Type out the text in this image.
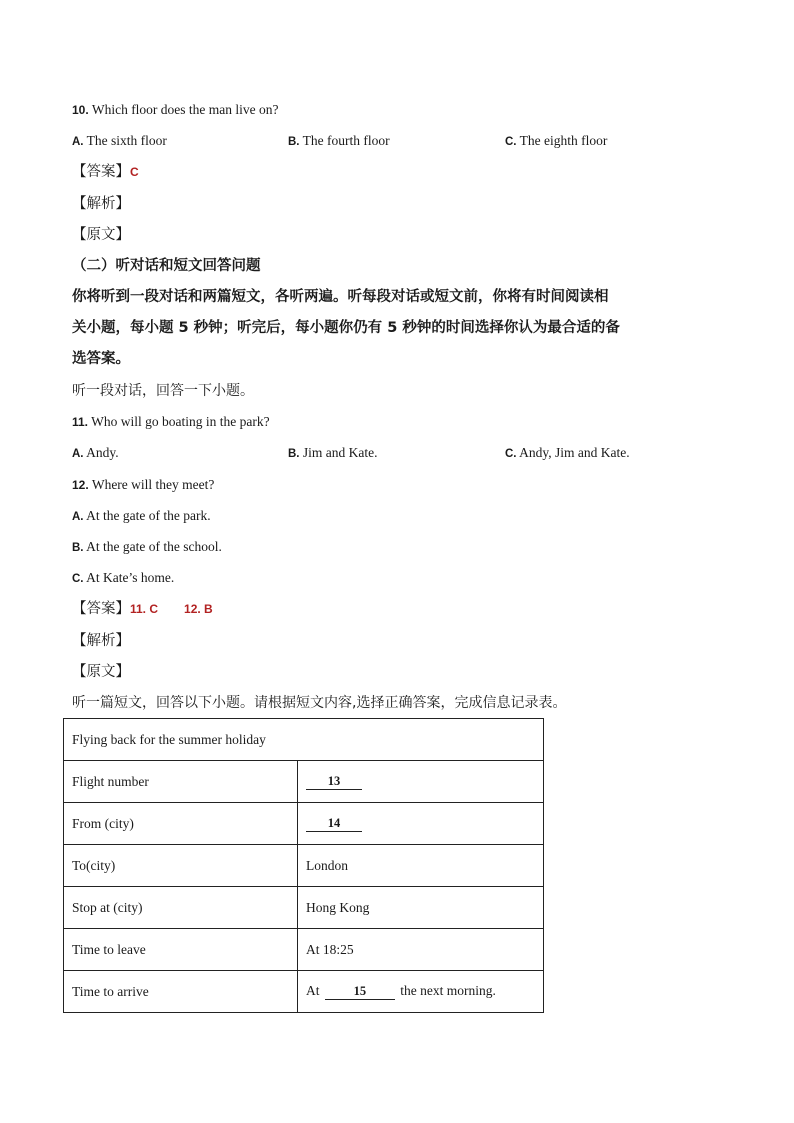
10. Which floor does the man live on?
A. The sixth floor	B. The fourth floor	C. The eighth floor
【答案】C
【解析】
【原文】
（二）听对话和短文回答问题
你将听到一段对话和两篇短文，各听两遍。听每段对话或短文前，你将有时间阅读相
关小题，每小题 5 秒钟；听完后，每小题你仍有 5 秒钟的时间选择你认为最合适的备
选答案。
听一段对话，回答一下小题。
11. Who will go boating in the park?
A. Andy.	B. Jim and Kate.	C. Andy, Jim and Kate.
12. Where will they meet?
A. At the gate of the park.
B. At the gate of the school.
C. At Kate’s home.
【答案】11. C 12. B
【解析】
【原文】
听一篇短文，回答以下小题。请根据短文内容,选择正确答案，完成信息记录表。
Flying back for the summer holiday	
Flight number	13
From (city)	14
To(city)	London
Stop at (city)	Hong Kong
Time to leave	At 18:25
Time to arrive	At 15 the next morning.
